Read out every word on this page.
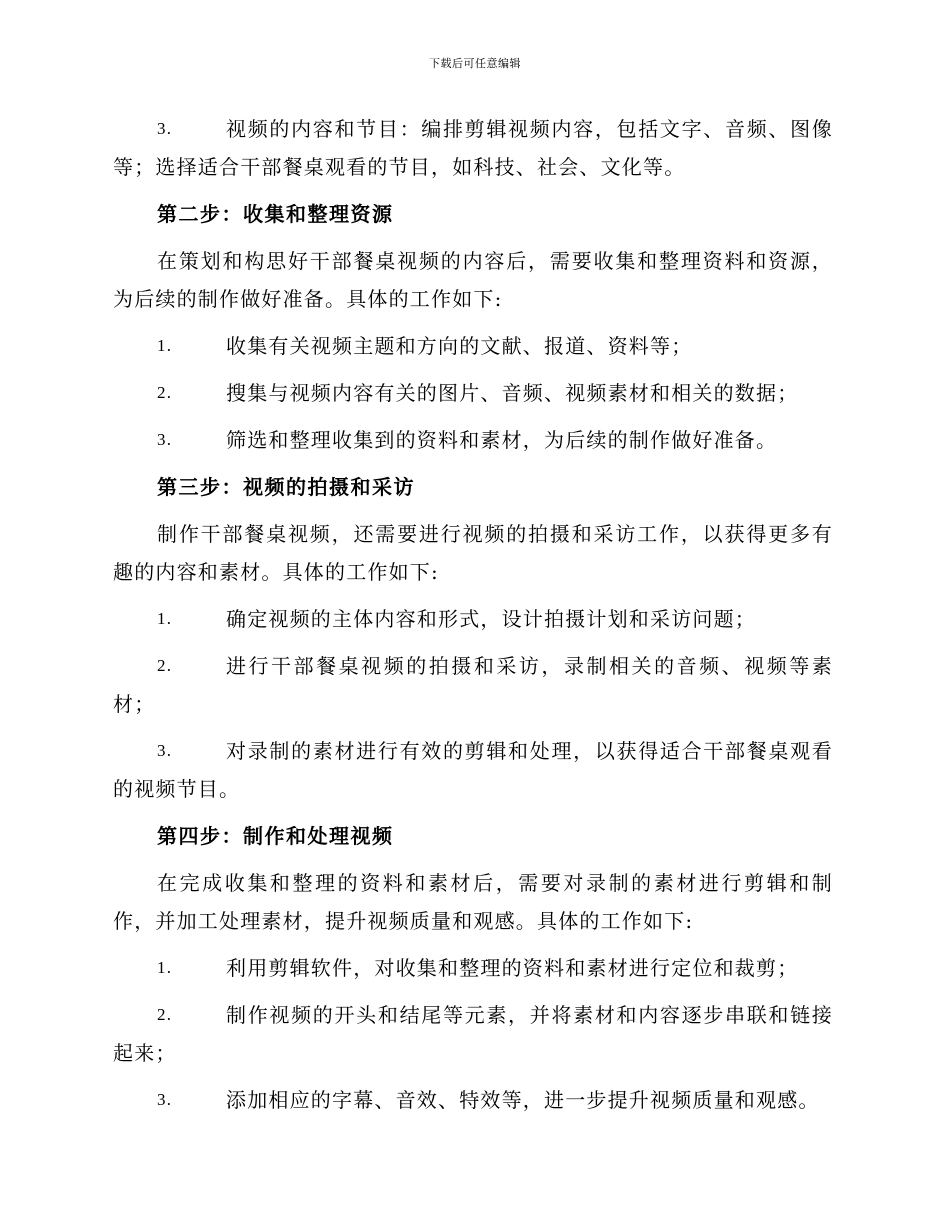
下载后可任意编辑
3.	视频的内容和节目：编排剪辑视频内容，包括文字、音频、图像等；选择适合干部餐桌观看的节目，如科技、社会、文化等。
第二步：收集和整理资源
在策划和构思好干部餐桌视频的内容后，需要收集和整理资料和资源，为后续的制作做好准备。具体的工作如下:
1.	收集有关视频主题和方向的文献、报道、资料等；
2.	搜集与视频内容有关的图片、音频、视频素材和相关的数据；
3.	筛选和整理收集到的资料和素材，为后续的制作做好准备。
第三步：视频的拍摄和采访
制作干部餐桌视频，还需要进行视频的拍摄和采访工作，以获得更多有趣的内容和素材。具体的工作如下:
1.	确定视频的主体内容和形式，设计拍摄计划和采访问题；
2.	进行干部餐桌视频的拍摄和采访，录制相关的音频、视频等素材；
3.	对录制的素材进行有效的剪辑和处理，以获得适合干部餐桌观看的视频节目。
第四步：制作和处理视频
在完成收集和整理的资料和素材后，需要对录制的素材进行剪辑和制作，并加工处理素材，提升视频质量和观感。具体的工作如下:
1.	利用剪辑软件，对收集和整理的资料和素材进行定位和裁剪；
2.	制作视频的开头和结尾等元素，并将素材和内容逐步串联和链接起来；
3.	添加相应的字幕、音效、特效等，进一步提升视频质量和观感。
